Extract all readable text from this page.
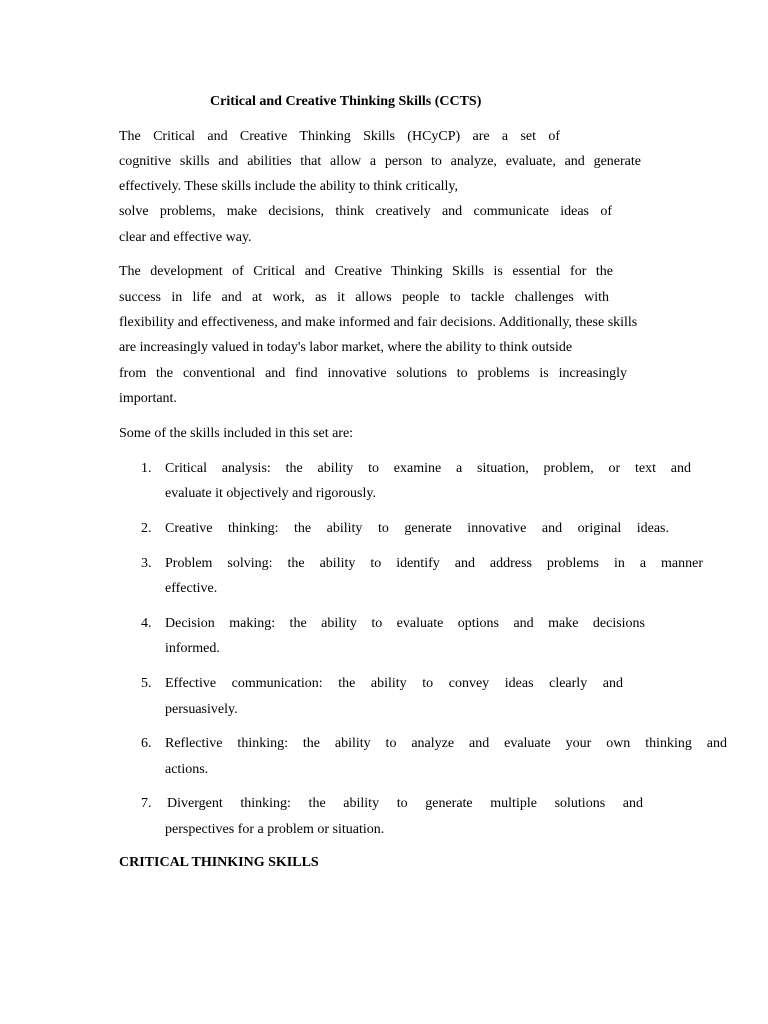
Critical and Creative Thinking Skills (CCTS)

The Critical and Creative Thinking Skills (HCyCP) are a set of

cognitive skills and abilities that allow a person to analyze, evaluate, and generate

effectively. These skills include the ability to think critically,

solve problems, make decisions, think creatively and communicate ideas of

clear and effective way.

The development of Critical and Creative Thinking Skills is essential for the

success in life and at work, as it allows people to tackle challenges with

flexibility and effectiveness, and make informed and fair decisions. Additionally, these skills

are increasingly valued in today's labor market, where the ability to think outside

from the conventional and find innovative solutions to problems is increasingly

important.

Some of the skills included in this set are:

1. Critical analysis: the ability to examine a situation, problem, or text and

evaluate it objectively and rigorously.

2. Creative thinking: the ability to generate innovative and original ideas.

3. Problem solving: the ability to identify and address problems in a manner

effective.

4. Decision making: the ability to evaluate options and make decisions

informed.

5. Effective communication: the ability to convey ideas clearly and

persuasively.

6. Reflective thinking: the ability to analyze and evaluate your own thinking and

actions.

7. Divergent thinking: the ability to generate multiple solutions and

perspectives for a problem or situation.

CRITICAL THINKING SKILLS
